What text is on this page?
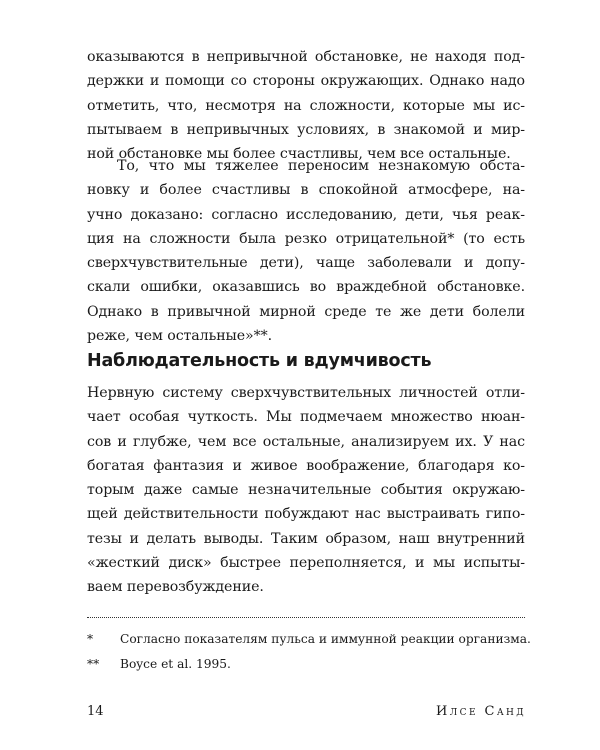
оказываются в непривычной обстановке, не находя под-
держки и помощи со стороны окружающих. Однако надо
отметить, что, несмотря на сложности, которые мы ис-
пытываем в непривычных условиях, в знакомой и мир-
ной обстановке мы более счастливы, чем все остальные.

То, что мы тяжелее переносим незнакомую обста-
новку и более счастливы в спокойной атмосфере, на-
учно доказано: согласно исследованию, дети, чья реак-
ция на сложности была резко отрицательной* (то есть
сверхчувствительные дети), чаще заболевали и допу-
скали ошибки, оказавшись во враждебной обстановке.
Однако в привычной мирной среде те же дети болели
реже, чем остальные»**.

Наблюдательность и вдумчивость

Нервную систему сверхчувствительных личностей отли-
чает особая чуткость. Мы подмечаем множество нюан-
сов и глубже, чем все остальные, анализируем их. У нас
богатая фантазия и живое воображение, благодаря ко-
торым даже самые незначительные события окружаю-
щей действительности побуждают нас выстраивать гипо-
тезы и делать выводы. Таким образом, наш внутренний
«жесткий диск» быстрее переполняется, и мы испыты-
ваем перевозбуждение.

* Согласно показателям пульса и иммунной реакции организма.
** Boyce et al. 1995.
14	Илсе Санд
